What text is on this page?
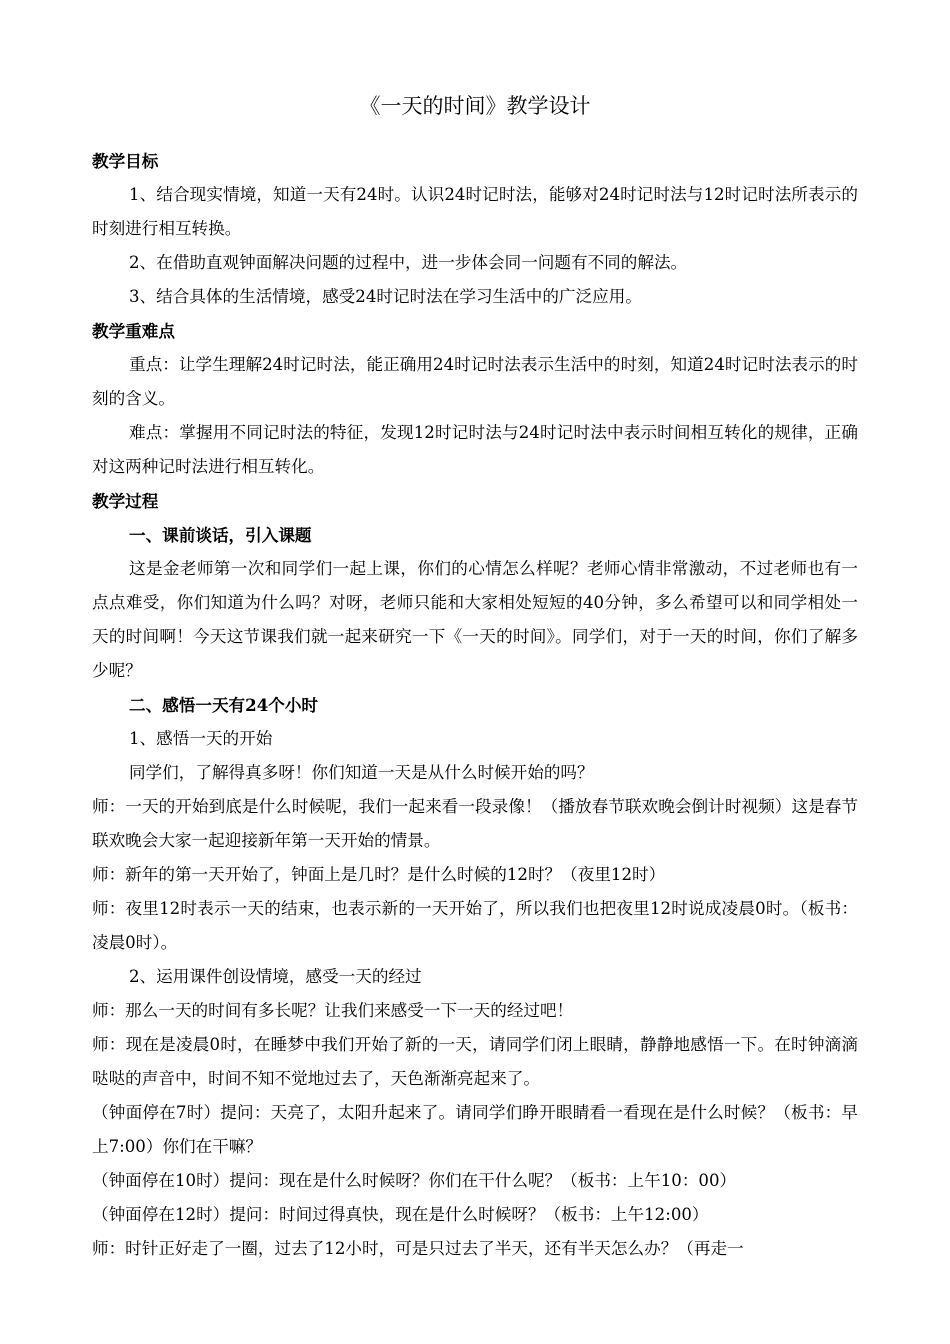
《一天的时间》教学设计

教学目标

1、结合现实情境，知道一天有24时。认识24时记时法，能够对24时记时法与12时记时法所表示的时刻进行相互转换。

2、在借助直观钟面解决问题的过程中，进一步体会同一问题有不同的解法。

3、结合具体的生活情境，感受24时记时法在学习生活中的广泛应用。

教学重难点

重点：让学生理解24时记时法，能正确用24时记时法表示生活中的时刻，知道24时记时法表示的时刻的含义。

难点：掌握用不同记时法的特征，发现12时记时法与24时记时法中表示时间相互转化的规律，正确对这两种记时法进行相互转化。

教学过程

一、课前谈话，引入课题

这是金老师第一次和同学们一起上课，你们的心情怎么样呢？老师心情非常激动，不过老师也有一点点难受，你们知道为什么吗？对呀，老师只能和大家相处短短的40分钟，多么希望可以和同学相处一天的时间啊！今天这节课我们就一起来研究一下《一天的时间》。同学们，对于一天的时间，你们了解多少呢？

二、感悟一天有24个小时

1、感悟一天的开始

同学们，了解得真多呀！你们知道一天是从什么时候开始的吗？

师：一天的开始到底是什么时候呢，我们一起来看一段录像！（播放春节联欢晚会倒计时视频）这是春节联欢晚会大家一起迎接新年第一天开始的情景。

师：新年的第一天开始了，钟面上是几时？是什么时候的12时？（夜里12时）

师：夜里12时表示一天的结束，也表示新的一天开始了，所以我们也把夜里12时说成凌晨0时。（板书：凌晨0时）。

2、运用课件创设情境，感受一天的经过

师：那么一天的时间有多长呢？让我们来感受一下一天的经过吧！

师：现在是凌晨0时，在睡梦中我们开始了新的一天，请同学们闭上眼睛，静静地感悟一下。在时钟滴滴哒哒的声音中，时间不知不觉地过去了，天色渐渐亮起来了。

（钟面停在7时）提问：天亮了，太阳升起来了。请同学们睁开眼睛看一看现在是什么时候？（板书：早上7:00）你们在干嘛？

（钟面停在10时）提问：现在是什么时候呀？你们在干什么呢？（板书：上午10：00）

（钟面停在12时）提问：时间过得真快，现在是什么时候呀？（板书：上午12:00）

师：时针正好走了一圈，过去了12小时，可是只过去了半天，还有半天怎么办？（再走一
